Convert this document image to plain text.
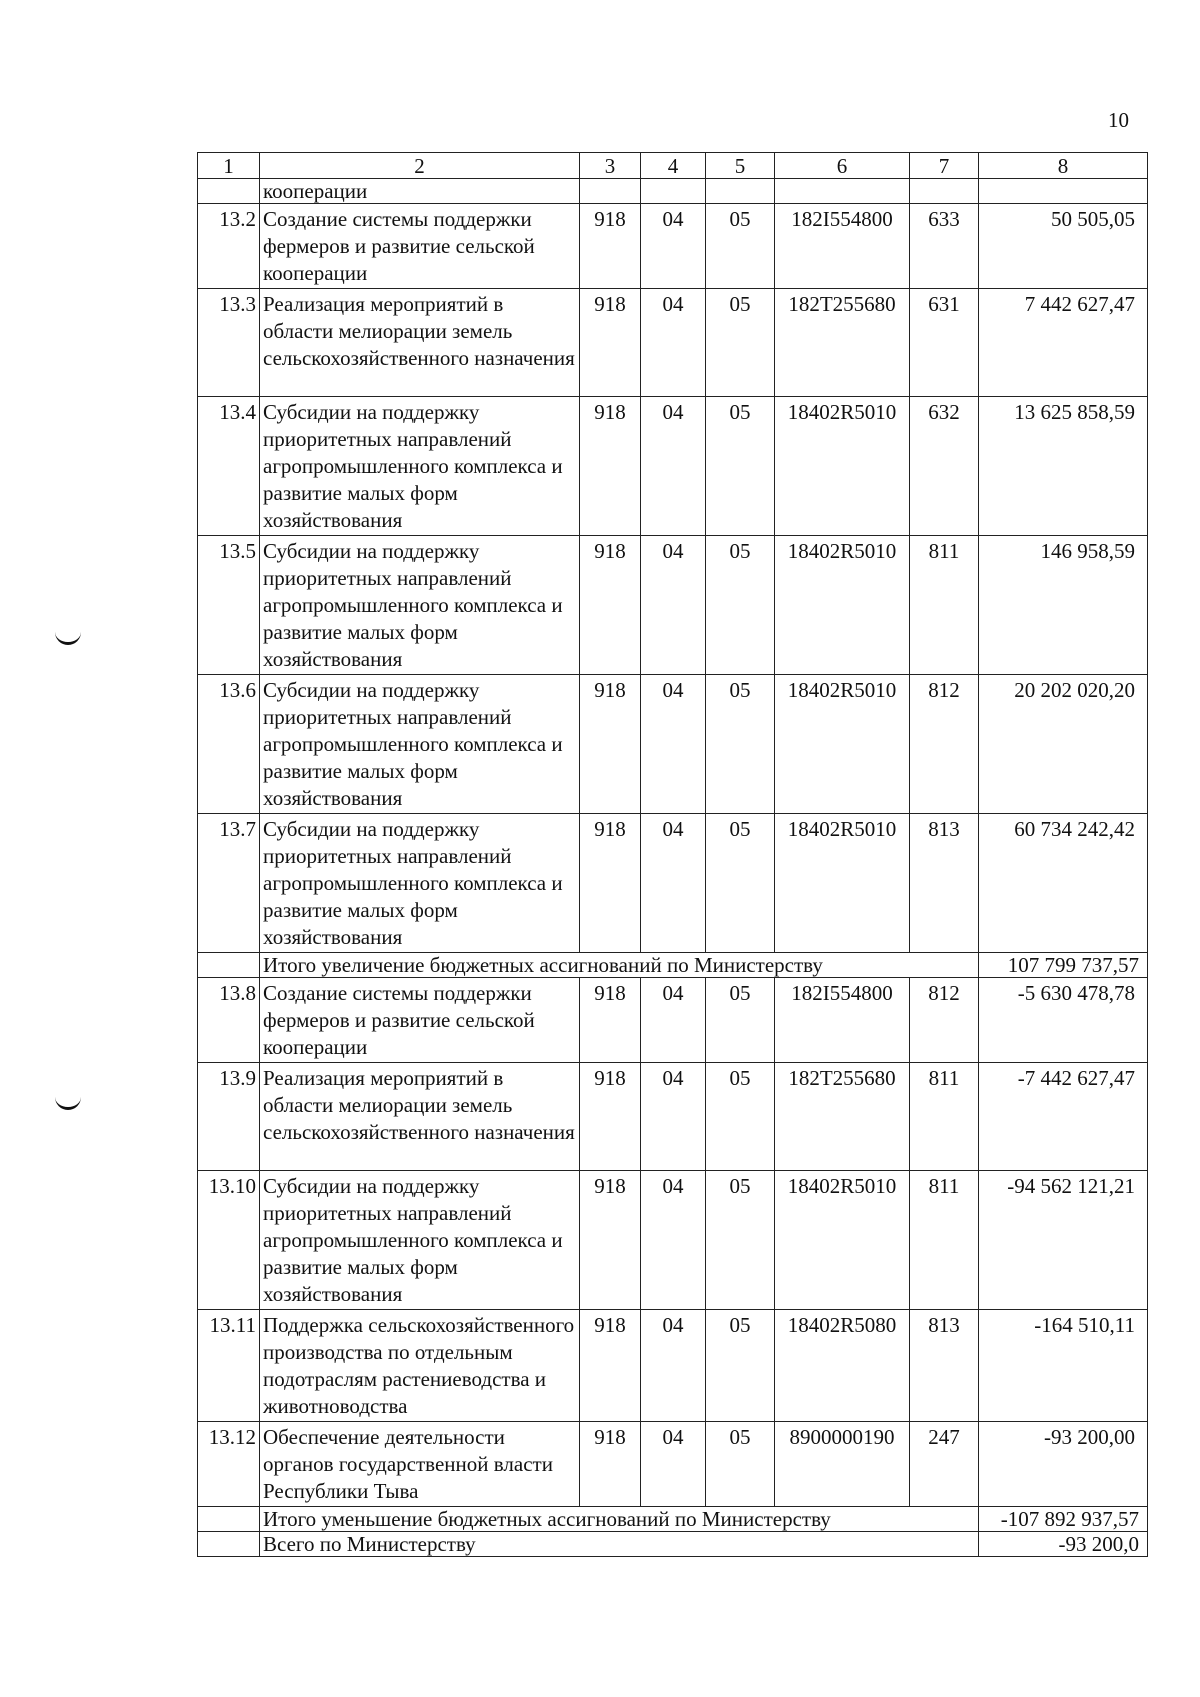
10
1	2	3	4	5	6	7	8
	кооперации						
13.2	Создание системы поддержки фермеров и развитие сельской кооперации	918	04	05	182I554800	633	50 505,05
13.3	Реализация мероприятий в области мелиорации земель сельскохозяйственного назначения	918	04	05	182T255680	631	7 442 627,47
13.4	Субсидии на поддержку приоритетных направлений агропромышленного комплекса и развитие малых форм хозяйствования	918	04	05	18402R5010	632	13 625 858,59
13.5	Субсидии на поддержку приоритетных направлений агропромышленного комплекса и развитие малых форм хозяйствования	918	04	05	18402R5010	811	146 958,59
13.6	Субсидии на поддержку приоритетных направлений агропромышленного комплекса и развитие малых форм хозяйствования	918	04	05	18402R5010	812	20 202 020,20
13.7	Субсидии на поддержку приоритетных направлений агропромышленного комплекса и развитие малых форм хозяйствования	918	04	05	18402R5010	813	60 734 242,42
	Итого увеличение бюджетных ассигнований по Министерству						107 799 737,57
13.8	Создание системы поддержки фермеров и развитие сельской кооперации	918	04	05	182I554800	812	-5 630 478,78
13.9	Реализация мероприятий в области мелиорации земель сельскохозяйственного назначения	918	04	05	182T255680	811	-7 442 627,47
13.10	Субсидии на поддержку приоритетных направлений агропромышленного комплекса и развитие малых форм хозяйствования	918	04	05	18402R5010	811	-94 562 121,21
13.11	Поддержка сельскохозяйственного производства по отдельным подотраслям растениеводства и животноводства	918	04	05	18402R5080	813	-164 510,11
13.12	Обеспечение деятельности органов государственной власти Республики Тыва	918	04	05	8900000190	247	-93 200,00
	Итого уменьшение бюджетных ассигнований по Министерству						-107 892 937,57
	Всего по Министерству						-93 200,0
